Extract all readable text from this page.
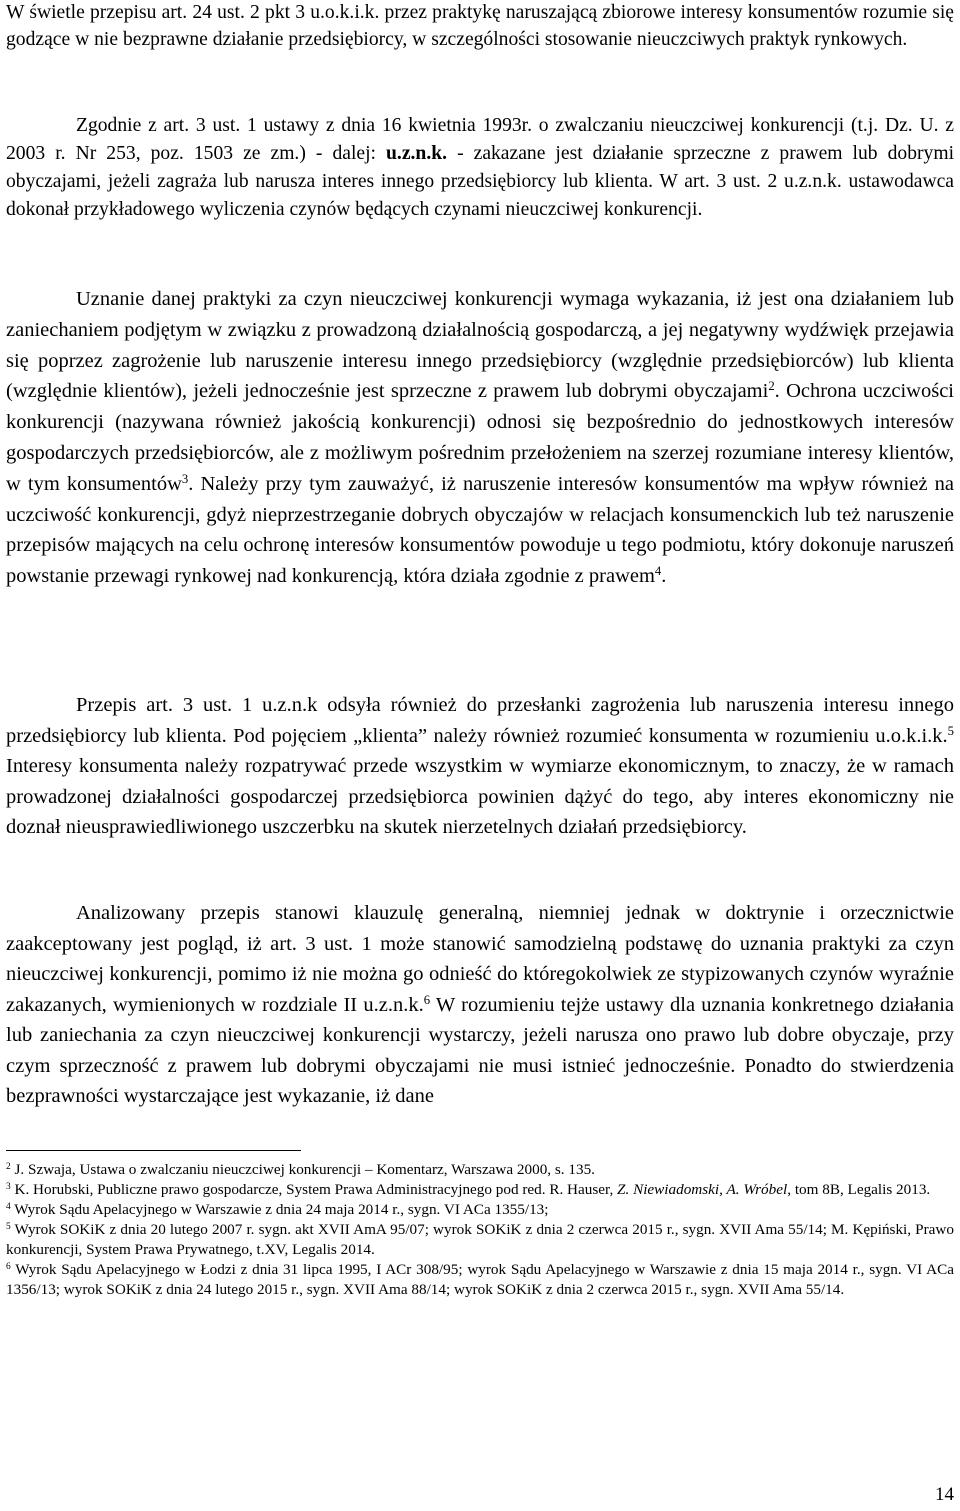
W świetle przepisu art. 24 ust. 2 pkt 3 u.o.k.i.k. przez praktykę naruszającą zbiorowe interesy konsumentów rozumie się godzące w nie bezprawne działanie przedsiębiorcy, w szczególności stosowanie nieuczciwych praktyk rynkowych.

Zgodnie z art. 3 ust. 1 ustawy z dnia 16 kwietnia 1993r. o zwalczaniu nieuczciwej konkurencji (t.j. Dz. U. z 2003 r. Nr 253, poz. 1503 ze zm.) - dalej: u.z.n.k. - zakazane jest działanie sprzeczne z prawem lub dobrymi obyczajami, jeżeli zagraża lub narusza interes innego przedsiębiorcy lub klienta. W art. 3 ust. 2 u.z.n.k. ustawodawca dokonał przykładowego wyliczenia czynów będących czynami nieuczciwej konkurencji.

Uznanie danej praktyki za czyn nieuczciwej konkurencji wymaga wykazania, iż jest ona działaniem lub zaniechaniem podjętym w związku z prowadzoną działalnością gospodarczą, a jej negatywny wydźwięk przejawia się poprzez zagrożenie lub naruszenie interesu innego przedsiębiorcy (względnie przedsiębiorców) lub klienta (względnie klientów), jeżeli jednocześnie jest sprzeczne z prawem lub dobrymi obyczajami$^2$. Ochrona uczciwości konkurencji (nazywana również jakością konkurencji) odnosi się bezpośrednio do jednostkowych interesów gospodarczych przedsiębiorców, ale z możliwym pośrednim przełożeniem na szerzej rozumiane interesy klientów, w tym konsumentów$^3$. Należy przy tym zauważyć, iż naruszenie interesów konsumentów ma wpływ również na uczciwość konkurencji, gdyż nieprzestrzeganie dobrych obyczajów w relacjach konsumenckich lub też naruszenie przepisów mających na celu ochronę interesów konsumentów powoduje u tego podmiotu, który dokonuje naruszeń powstanie przewagi rynkowej nad konkurencją, która działa zgodnie z prawem$^4$.

Przepis art. 3 ust. 1 u.z.n.k odsyła również do przesłanki zagrożenia lub naruszenia interesu innego przedsiębiorcy lub klienta. Pod pojęciem „klienta” należy również rozumieć konsumenta w rozumieniu u.o.k.i.k.$^5$ Interesy konsumenta należy rozpatrywać przede wszystkim w wymiarze ekonomicznym, to znaczy, że w ramach prowadzonej działalności gospodarczej przedsiębiorca powinien dążyć do tego, aby interes ekonomiczny nie doznał nieusprawiedliwionego uszczerbku na skutek nierzetelnych działań przedsiębiorcy.

Analizowany przepis stanowi klauzulę generalną, niemniej jednak w doktrynie i orzecznictwie zaakceptowany jest pogląd, iż art. 3 ust. 1 może stanowić samodzielną podstawę do uznania praktyki za czyn nieuczciwej konkurencji, pomimo iż nie można go odnieść do któregokolwiek ze stypizowanych czynów wyraźnie zakazanych, wymienionych w rozdziale II u.z.n.k.$^6$ W rozumieniu tejże ustawy dla uznania konkretnego działania lub zaniechania za czyn nieuczciwej konkurencji wystarczy, jeżeli narusza ono prawo lub dobre obyczaje, przy czym sprzeczność z prawem lub dobrymi obyczajami nie musi istnieć jednocześnie. Ponadto do stwierdzenia bezprawności wystarczające jest wykazanie, iż dane

$^2$ J. Szwaja, Ustawa o zwalczaniu nieuczciwej konkurencji – Komentarz, Warszawa 2000, s. 135.

$^3$ K. Horubski, Publiczne prawo gospodarcze, System Prawa Administracyjnego pod red. R. Hauser, Z. Niewiadomski, A. Wróbel, tom 8B, Legalis 2013.

$^4$ Wyrok Sądu Apelacyjnego w Warszawie z dnia 24 maja 2014 r., sygn. VI ACa 1355/13;

$^5$ Wyrok SOKiK z dnia 20 lutego 2007 r. sygn. akt XVII AmA 95/07; wyrok SOKiK z dnia 2 czerwca 2015 r., sygn. XVII Ama 55/14; M. Kępiński, Prawo konkurencji, System Prawa Prywatnego, t.XV, Legalis 2014.

$^6$ Wyrok Sądu Apelacyjnego w Łodzi z dnia 31 lipca 1995, I ACr 308/95; wyrok Sądu Apelacyjnego w Warszawie z dnia 15 maja 2014 r., sygn. VI ACa 1356/13; wyrok SOKiK z dnia 24 lutego 2015 r., sygn. XVII Ama 88/14; wyrok SOKiK z dnia 2 czerwca 2015 r., sygn. XVII Ama 55/14.

14
